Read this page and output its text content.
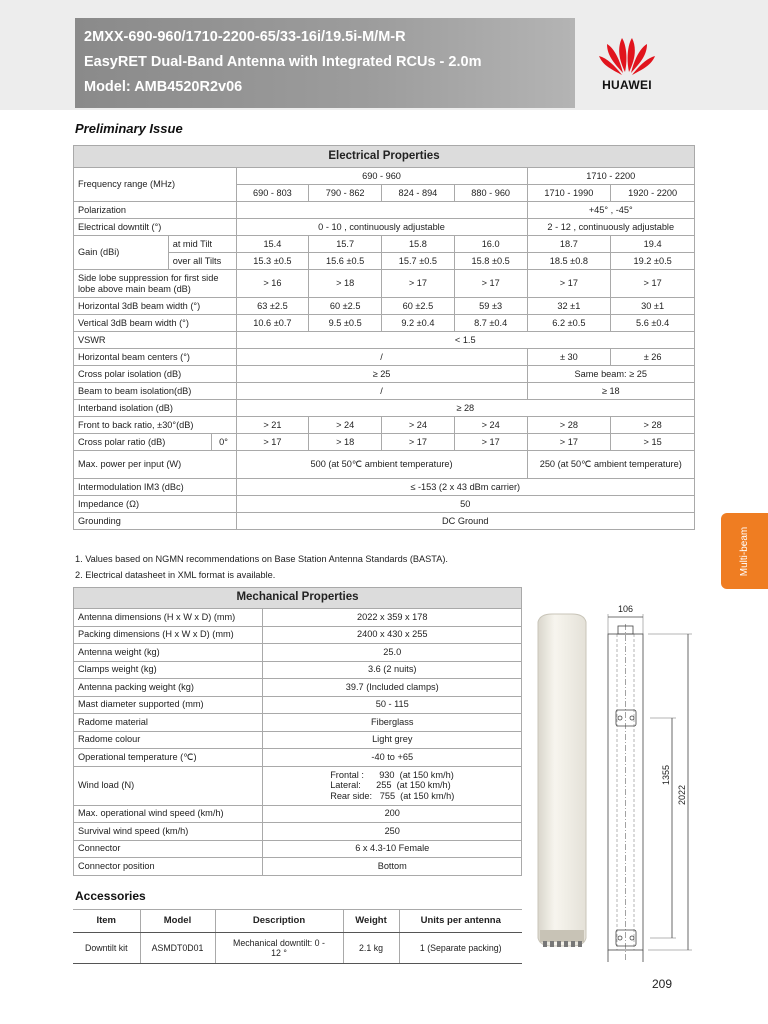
2MXX-690-960/1710-2200-65/33-16i/19.5i-M/M-R
EasyRET Dual-Band Antenna with Integrated RCUs - 2.0m
Model: AMB4520R2v06	HUAWEI
Preliminary Issue
Electrical Properties							
Frequency range (MHz)		690 - 960				1710 - 2200	
		690 - 803	790 - 862	824 - 894	880 - 960	1710 - 1990	1920 - 2200
Polarization						+45° , -45°	
Electrical downtilt (°)		0 - 10 , continuously adjustable				2 - 12 , continuously adjustable	
Gain (dBi)	at mid Tilt	15.4	15.7	15.8	16.0	18.7	19.4
	over all Tilts	15.3 ±0.5	15.6 ±0.5	15.7 ±0.5	15.8 ±0.5	18.5 ±0.8	19.2 ±0.5
Side lobe suppression for first side lobe above main beam (dB)		> 16	> 18	> 17	> 17	> 17	> 17
Horizontal 3dB beam width (°)		63 ±2.5	60 ±2.5	60 ±2.5	59 ±3	32 ±1	30 ±1
Vertical 3dB beam width (°)		10.6 ±0.7	9.5 ±0.5	9.2 ±0.4	8.7 ±0.4	6.2 ±0.5	5.6 ±0.4
VSWR		< 1.5					
Horizontal beam centers (°)		/				± 30	± 26
Cross polar isolation (dB)		≥ 25				Same beam: ≥ 25	
Beam to beam isolation(dB)		/				≥ 18	
Interband isolation (dB)		≥ 28					
Front to back ratio, ±30°(dB)		> 21	> 24	> 24	> 24	> 28	> 28

Cross polar ratio (dB) 0°		> 17	> 18	> 17	> 17	> 17	> 15
Max. power per input (W)		500 (at 50℃ ambient temperature)				250 (at 50℃ ambient temperature)	
Intermodulation IM3 (dBc)		≤ -153 (2 x 43 dBm carrier)					
Impedance (Ω)		50					
Grounding		DC Ground					
1. Values based on NGMN recommendations on Base Station Antenna Standards (BASTA).
2. Electrical datasheet in XML format is available.
Mechanical Properties	
Antenna dimensions (H x W x D) (mm)	2022 x 359 x 178
Packing dimensions (H x W x D) (mm)	2400 x 430 x 255
Antenna weight (kg)	25.0
Clamps weight (kg)	3.6 (2 nuits)
Antenna packing weight (kg)	39.7 (Included clamps)
Mast diameter supported (mm)	50 - 115
Radome material	Fiberglass
Radome colour	Light grey
Operational temperature (℃)	-40 to +65
Wind load (N)	Frontal :      930  (at 150 km/h)
Lateral:      255  (at 150 km/h)
Rear side:   755  (at 150 km/h)

Max. operational wind speed (km/h)	200
Survival wind speed (km/h)	250
Connector	6 x 4.3-10 Female
Connector position	Bottom
Accessories
Item	Model	Description	Weight	Units per antenna
Downtilt kit	ASMDT0D01	Mechanical downtilt: 0 - 12 °	2.1 kg	1 (Separate packing)
106
1355
2022
Multi-beam
209
